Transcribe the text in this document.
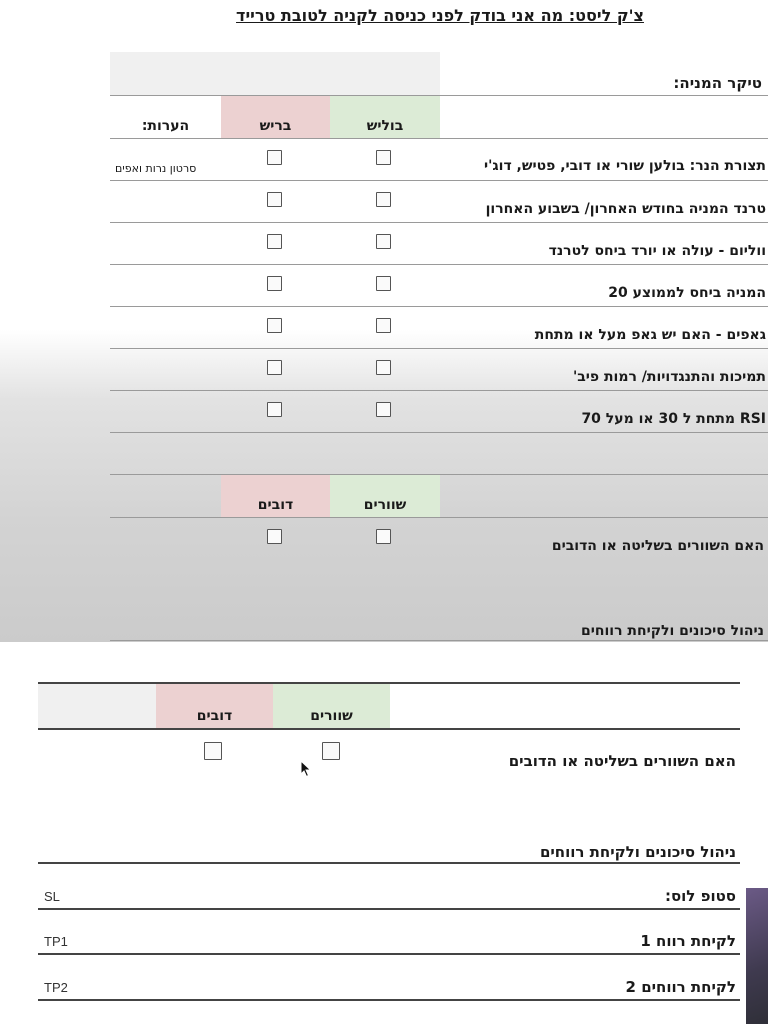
צ'ק ליסט: מה אני בודק לפני כניסה לקניה לטובת טרייד
טיקר המניה:
בוליש
בריש
הערות:
תצורת הנר: בולען שורי או דובי, פטיש, דוג'י
סרטון נרות ואפים
טרנד המניה בחודש האחרון/ בשבוע האחרון
ווליום - עולה או יורד ביחס לטרנד
המניה ביחס לממוצע 20
גאפים - האם יש גאפ מעל או מתחת
תמיכות והתנגדויות/ רמות פיב'
RSI מתחת ל 30 או מעל 70
שוורים
דובים
האם השוורים בשליטה או הדובים
ניהול סיכונים ולקיחת רווחים
דובים	שוורים
האם השוורים בשליטה או הדובים
ניהול סיכונים ולקיחת רווחים
סטופ לוס:
SL
לקיחת רווח 1
TP1
לקיחת רווחים 2
TP2
